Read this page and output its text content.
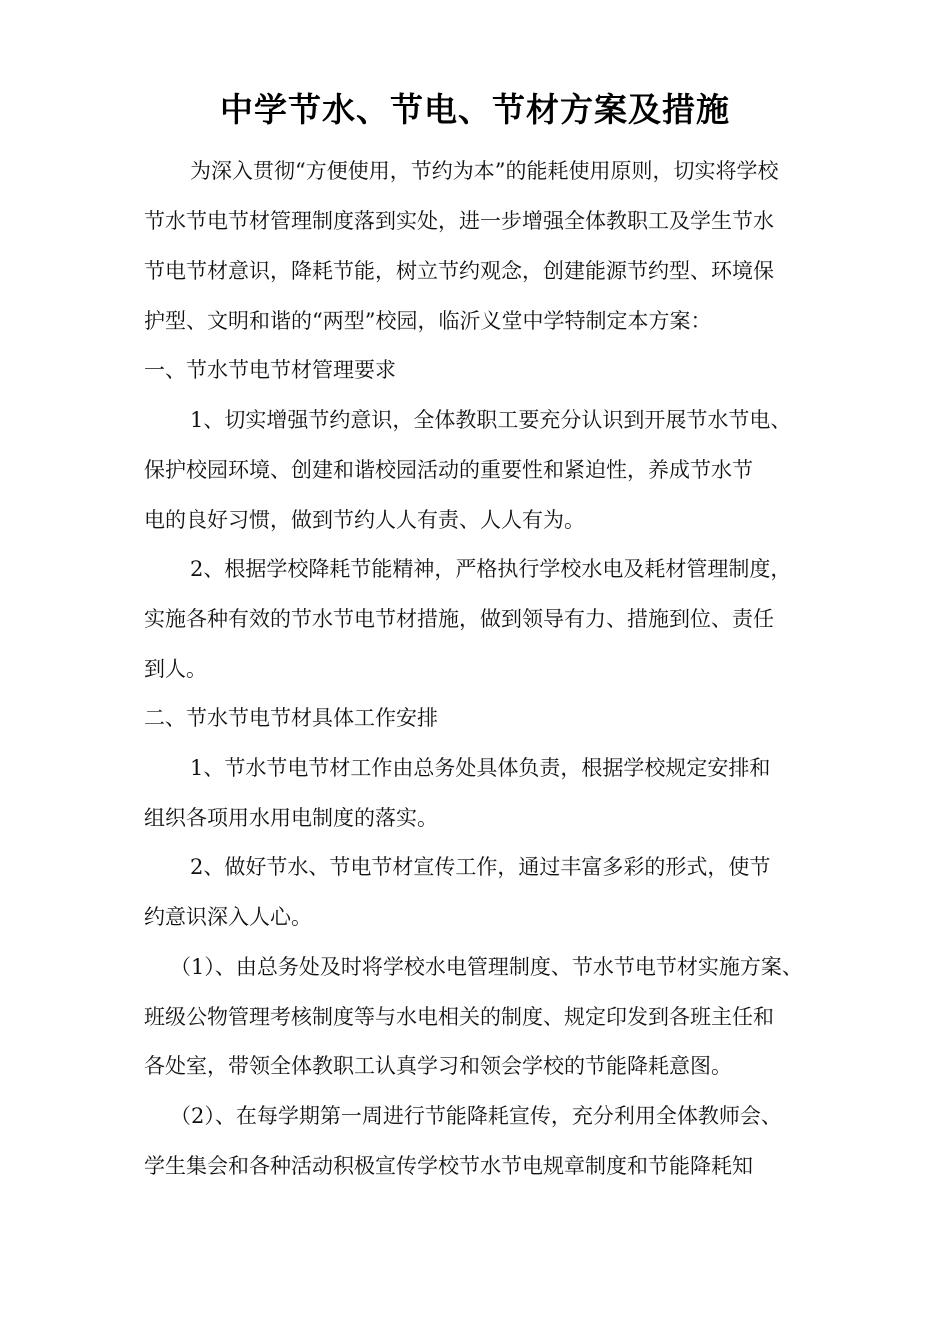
中学节水、节电、节材方案及措施
为深入贯彻“方便使用，节约为本”的能耗使用原则，切实将学校
节水节电节材管理制度落到实处，进一步增强全体教职工及学生节水
节电节材意识，降耗节能，树立节约观念，创建能源节约型、环境保
护型、文明和谐的“两型”校园，临沂义堂中学特制定本方案：
一、节水节电节材管理要求
1、切实增强节约意识，全体教职工要充分认识到开展节水节电、
保护校园环境、创建和谐校园活动的重要性和紧迫性，养成节水节
电的良好习惯，做到节约人人有责、人人有为。
2、根据学校降耗节能精神，严格执行学校水电及耗材管理制度，
实施各种有效的节水节电节材措施，做到领导有力、措施到位、责任
到人。
二、节水节电节材具体工作安排
1、节水节电节材工作由总务处具体负责，根据学校规定安排和
组织各项用水用电制度的落实。
2、做好节水、节电节材宣传工作，通过丰富多彩的形式，使节
约意识深入人心。
（1）、由总务处及时将学校水电管理制度、节水节电节材实施方案、
班级公物管理考核制度等与水电相关的制度、规定印发到各班主任和
各处室，带领全体教职工认真学习和领会学校的节能降耗意图。
（2）、在每学期第一周进行节能降耗宣传，充分利用全体教师会、
学生集会和各种活动积极宣传学校节水节电规章制度和节能降耗知
